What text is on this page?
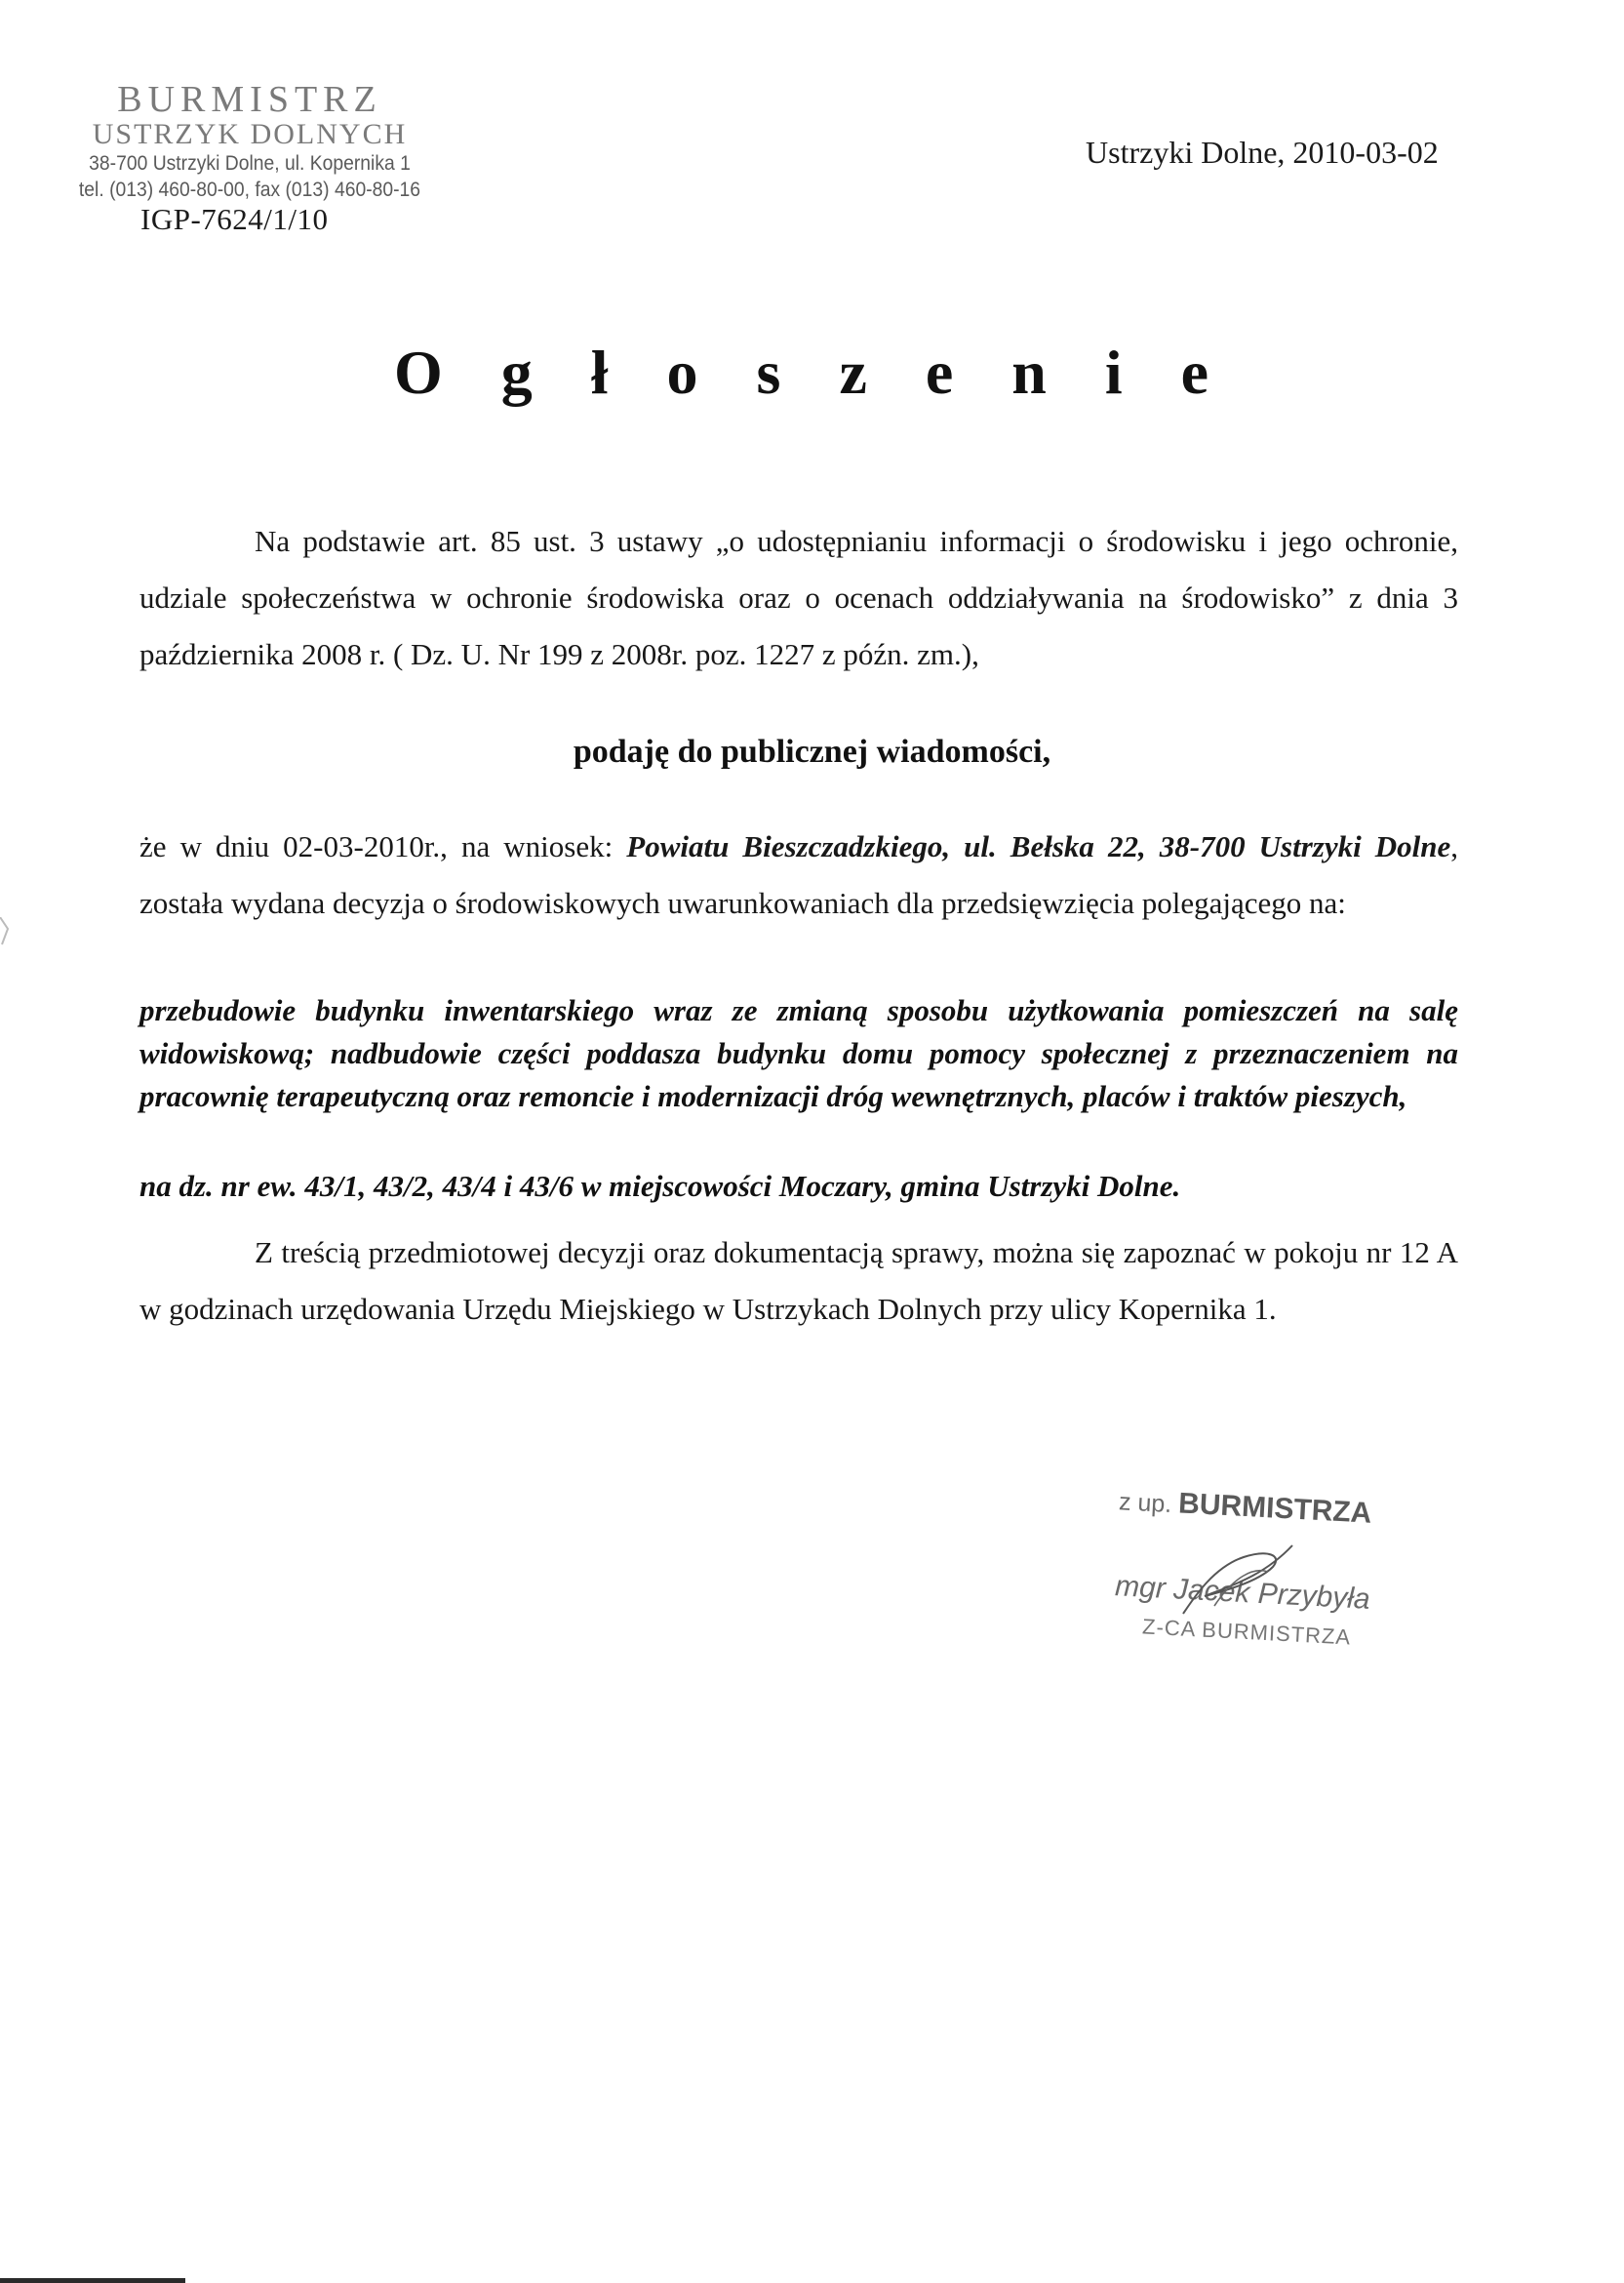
BURMISTRZ
USTRZYK DOLNYCH
38-700 Ustrzyki Dolne, ul. Kopernika 1
tel. (013) 460-80-00, fax (013) 460-80-16
IGP-7624/1/10
Ustrzyki Dolne, 2010-03-02
O g ł o s z e n i e
Na podstawie art. 85 ust. 3 ustawy „o udostępnianiu informacji o środowisku i jego ochronie, udziale społeczeństwa w ochronie środowiska oraz o ocenach oddziaływania na środowisko” z dnia 3 października 2008 r. ( Dz. U. Nr 199 z 2008r. poz. 1227 z późn. zm.),
podaję do publicznej wiadomości,
że w dniu 02-03-2010r., na wniosek: Powiatu Bieszczadzkiego, ul. Bełska 22, 38-700 Ustrzyki Dolne, została wydana decyzja o środowiskowych uwarunkowaniach dla przedsięwzięcia polegającego na:
przebudowie budynku inwentarskiego wraz ze zmianą sposobu użytkowania pomieszczeń na salę widowiskową; nadbudowie części poddasza budynku domu pomocy społecznej z przeznaczeniem na pracownię terapeutyczną oraz remoncie i modernizacji dróg wewnętrznych, placów i traktów pieszych,
na dz. nr ew. 43/1, 43/2, 43/4 i 43/6 w miejscowości Moczary, gmina Ustrzyki Dolne.
Z treścią przedmiotowej decyzji oraz dokumentacją sprawy, można się zapoznać w pokoju nr 12 A w godzinach urzędowania Urzędu Miejskiego w Ustrzykach Dolnych przy ulicy Kopernika 1.
z up. BURMISTRZA
mgr Jacek Przybyła
Z-CA BURMISTRZA
